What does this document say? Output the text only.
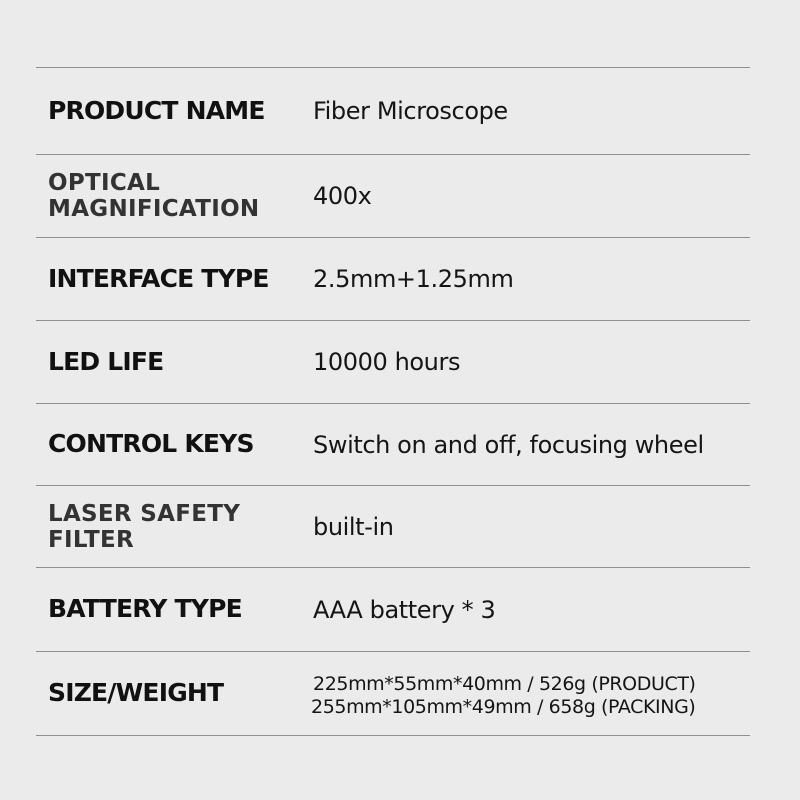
PRODUCT NAME	Fiber Microscope
OPTICAL
MAGNIFICATION	400x
INTERFACE TYPE	2.5mm+1.25mm
LED LIFE	10000 hours
CONTROL KEYS	Switch on and off, focusing wheel
LASER SAFETY
FILTER	built-in
BATTERY TYPE	AAA battery * 3
SIZE/WEIGHT	225mm*55mm*40mm / 526g (PRODUCT)
255mm*105mm*49mm / 658g (PACKING)
